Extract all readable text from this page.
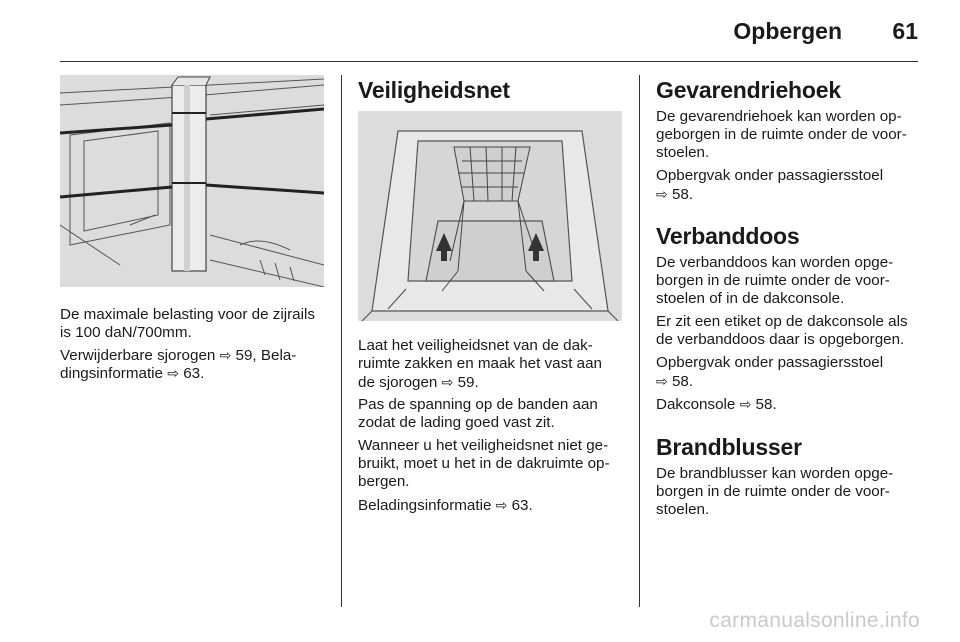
Opbergen 61

De maximale belasting voor de zijrails

is 100 daN/700mm.

Verwijderbare sjorogen ⇨ 59, Bela-

dingsinformatie ⇨ 63.

Veiligheidsnet

Laat het veiligheidsnet van de dak-

ruimte zakken en maak het vast aan

de sjorogen ⇨ 59.

Pas de spanning op de banden aan

zodat de lading goed vast zit.

Wanneer u het veiligheidsnet niet ge-

bruikt, moet u het in de dakruimte op-

bergen.

Beladingsinformatie ⇨ 63.

Gevarendriehoek

De gevarendriehoek kan worden op-

geborgen in de ruimte onder de voor-

stoelen.

Opbergvak onder passagiersstoel

⇨ 58.

Verbanddoos

De verbanddoos kan worden opge-

borgen in de ruimte onder de voor-

stoelen of in de dakconsole.

Er zit een etiket op de dakconsole als

de verbanddoos daar is opgeborgen.

Opbergvak onder passagiersstoel

⇨ 58.

Dakconsole ⇨ 58.

Brandblusser

De brandblusser kan worden opge-

borgen in de ruimte onder de voor-

stoelen.

carmanualsonline.info
